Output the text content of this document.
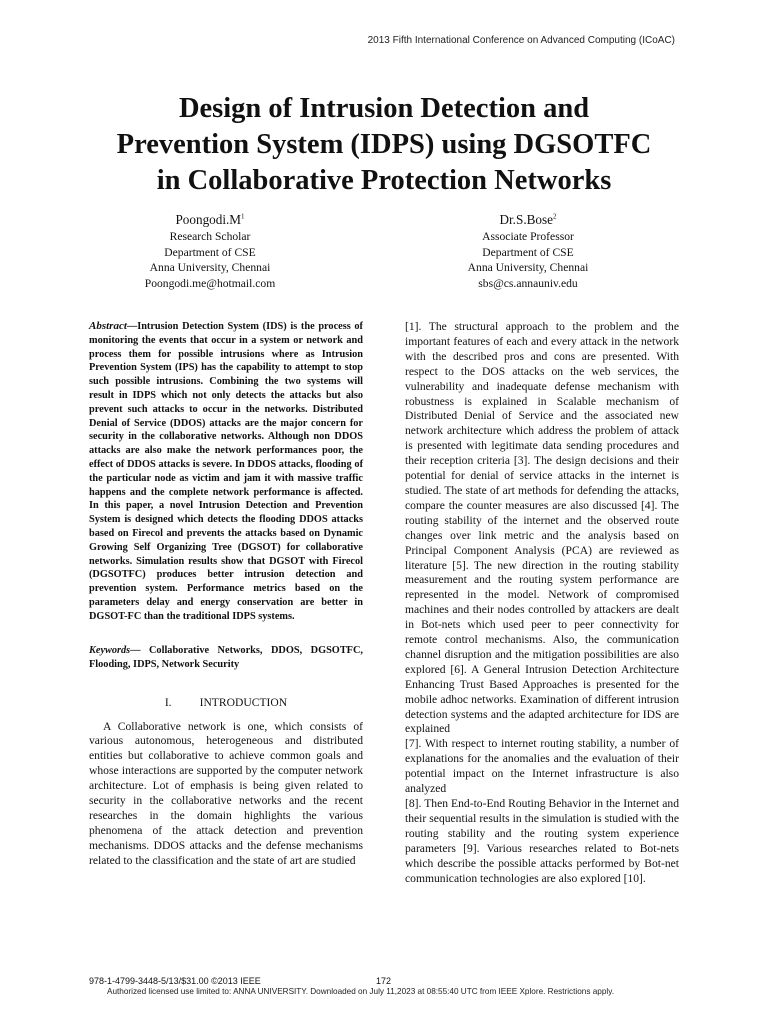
2013 Fifth International Conference on Advanced Computing (ICoAC)
Design of Intrusion Detection and
Prevention System (IDPS) using DGSOTFC
in Collaborative Protection Networks
$Poongodi.M^1$
Research Scholar
Department of CSE
Anna University, Chennai
Poongodi.me@hotmail.com
Dr.S.Bose$^2$
Associate Professor
Department of CSE
Anna University, Chennai
sbs@cs.annauniv.edu

Abstract—Intrusion Detection System (IDS) is the process of monitoring the events that occur in a system or network and process them for possible intrusions where as Intrusion Prevention System (IPS) has the capability to attempt to stop such possible intrusions. Combining the two systems will result in IDPS which not only detects the attacks but also prevent such attacks to occur in the networks. Distributed Denial of Service (DDOS) attacks are the major concern for security in the collaborative networks. Although non DDOS attacks are also make the network performances poor, the effect of DDOS attacks is severe. In DDOS attacks, flooding of the particular node as victim and jam it with massive traffic happens and the complete network performance is affected. In this paper, a novel Intrusion Detection and Prevention System is designed which detects the flooding DDOS attacks based on Firecol and prevents the attacks based on Dynamic Growing Self Organizing Tree (DGSOT) for collaborative networks. Simulation results show that DGSOT with Firecol (DGSOTFC) produces better intrusion detection and prevention system. Performance metrics based on the parameters delay and energy conservation are better in DGSOT-FC than the traditional IDPS systems.

Keywords— Collaborative Networks, DDOS, DGSOTFC, Flooding, IDPS, Network Security

I. INTRODUCTION

A Collaborative network is one, which consists of various autonomous, heterogeneous and distributed entities but collaborative to achieve common goals and whose interactions are supported by the computer network architecture. Lot of emphasis is being given related to security in the collaborative networks and the recent researches in the domain highlights the various phenomena of the attack detection and prevention mechanisms. DDOS attacks and the defense mechanisms related to the classification and the state of art are studied

[1]. The structural approach to the problem and the important features of each and every attack in the network with the described pros and cons are presented. With respect to the DOS attacks on the web services, the vulnerability and inadequate defense mechanism with robustness is explained in Scalable mechanism of Distributed Denial of Service and the associated new network architecture which address the problem of attack is presented with legitimate data sending procedures and their reception criteria [3]. The design decisions and their potential for denial of service attacks in the internet is studied. The state of art methods for defending the attacks, compare the counter measures are also discussed [4]. The routing stability of the internet and the observed route changes over link metric and the analysis based on Principal Component Analysis (PCA) are reviewed as literature [5]. The new direction in the routing stability measurement and the routing system performance are represented in the model. Network of compromised machines and their nodes controlled by attackers are dealt in Bot-nets which used peer to peer connectivity for remote control mechanisms. Also, the communication channel disruption and the mitigation possibilities are also explored [6]. A General Intrusion Detection Architecture Enhancing Trust Based Approaches is presented for the mobile adhoc networks. Examination of different intrusion detection systems and the adapted architecture for IDS are explained

[7]. With respect to internet routing stability, a number of explanations for the anomalies and the evaluation of their potential impact on the Internet infrastructure is also analyzed

[8]. Then End-to-End Routing Behavior in the Internet and their sequential results in the simulation is studied with the routing stability and the routing system experience parameters [9]. Various researches related to Bot-nets which describe the possible attacks performed by Bot-net communication technologies are also explored [10].

978-1-4799-3448-5/13/$31.00 ©2013 IEEE	172
Authorized licensed use limited to: ANNA UNIVERSITY. Downloaded on July 11,2023 at 08:55:40 UTC from IEEE Xplore. Restrictions apply.
